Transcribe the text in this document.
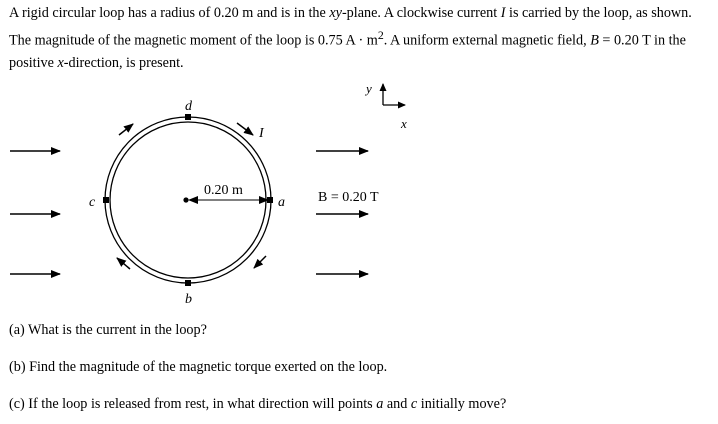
A rigid circular loop has a radius of 0.20 m and is in the xy-plane. A clockwise current I is carried by the loop, as shown. The magnitude of the magnetic moment of the loop is 0.75 $A \cdot m^2$. A uniform external magnetic field, B = 0.20 T in the positive x-direction, is present.

d
b
c	a
I
0.20 m	B = 0.20 T
y
x

(a) What is the current in the loop?

(b) Find the magnitude of the magnetic torque exerted on the loop.

(c) If the loop is released from rest, in what direction will points a and c initially move?
